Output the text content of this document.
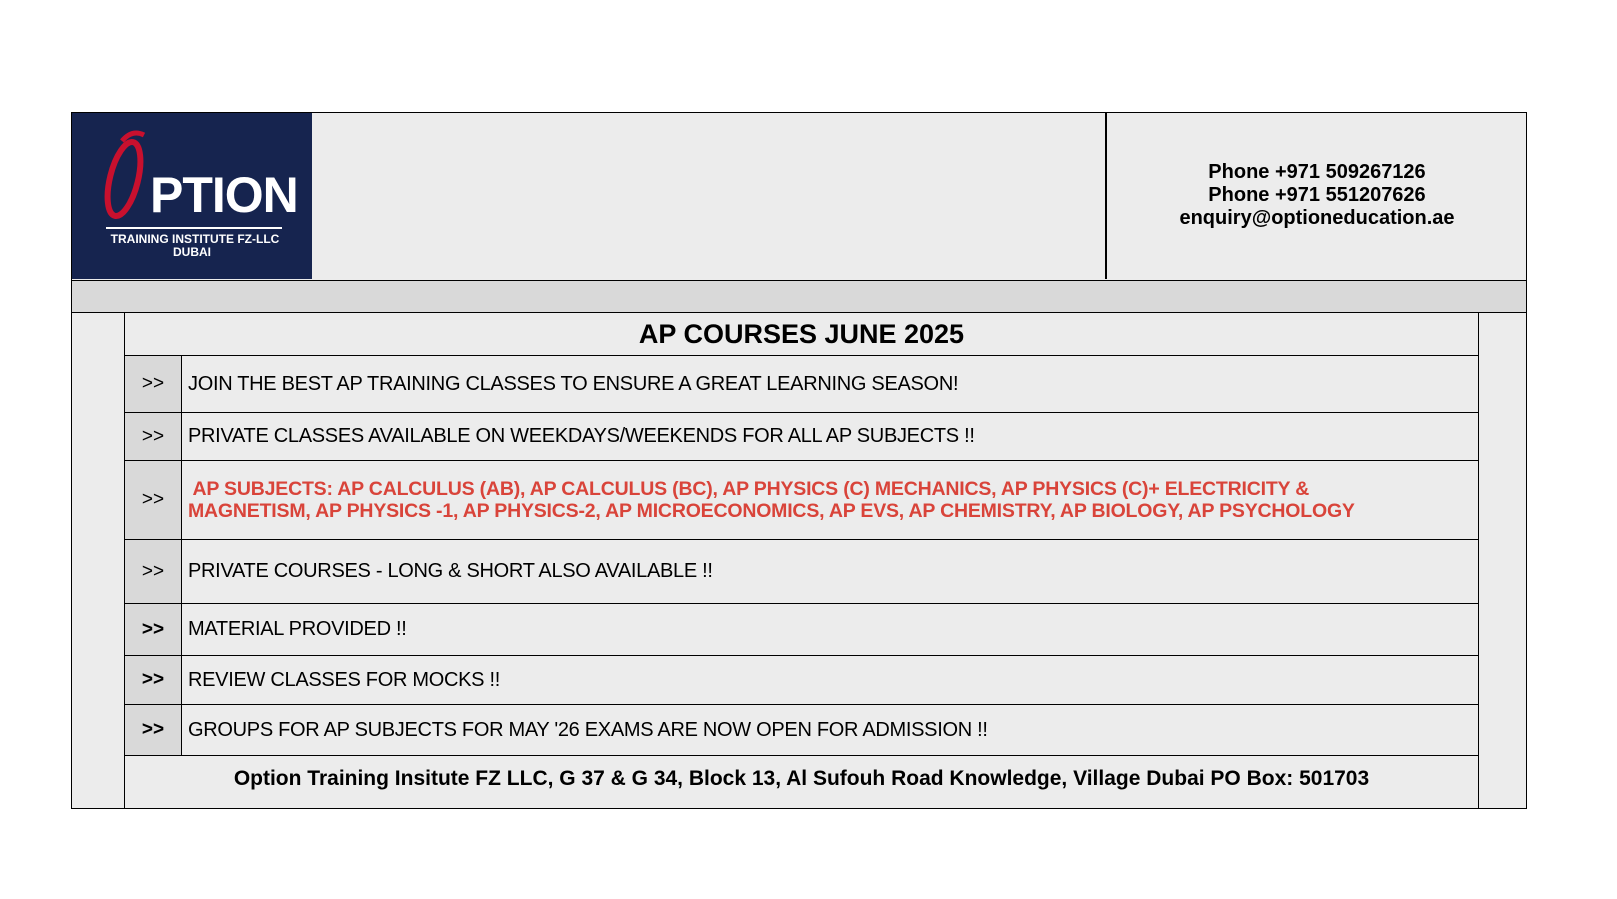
PTION
TRAINING INSTITUTE FZ-LLC
DUBAI
Phone +971 509267126
Phone +971 551207626
enquiry@optioneducation.ae
AP COURSES JUNE 2025
>>	JOIN THE BEST AP TRAINING CLASSES TO ENSURE A GREAT LEARNING SEASON!
>>	PRIVATE CLASSES AVAILABLE ON WEEKDAYS/WEEKENDS FOR ALL AP SUBJECTS !!
>>	AP SUBJECTS: AP CALCULUS (AB), AP CALCULUS (BC), AP PHYSICS (C) MECHANICS, AP PHYSICS (C)+ ELECTRICITY &
MAGNETISM, AP PHYSICS -1, AP PHYSICS-2, AP MICROECONOMICS, AP EVS, AP CHEMISTRY, AP BIOLOGY, AP PSYCHOLOGY
>>	PRIVATE COURSES - LONG & SHORT ALSO AVAILABLE !!
>>	MATERIAL PROVIDED !!
>>	REVIEW CLASSES FOR MOCKS !!
>>	GROUPS FOR AP SUBJECTS FOR MAY '26 EXAMS ARE NOW OPEN FOR ADMISSION !!
Option Training Insitute FZ LLC, G 37 & G 34, Block 13, Al Sufouh Road Knowledge, Village Dubai PO Box: 501703
